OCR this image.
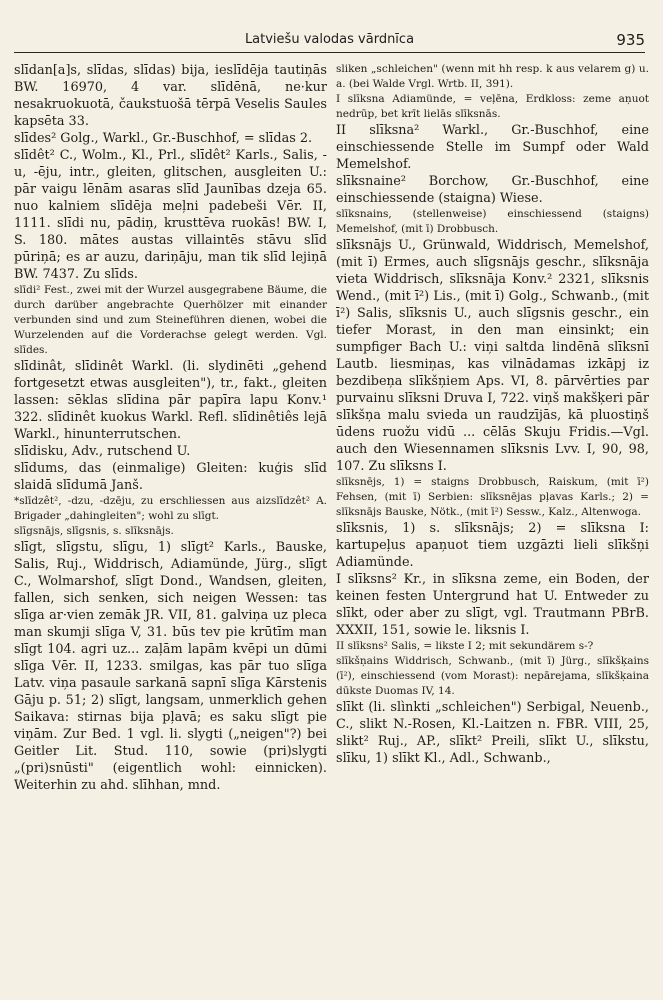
Latviešu valodas vārdnīca	935

slīdan[a]s, slīdas, slīdas) bija, ieslīdēja tautiņās BW. 16970, 4 var. slīdēnā, ne·kur nesakruokuotā, čaukstuošā tērpā Veselis Saules kapsēta 33.

slīdes² Golg., Warkl., Gr.-Buschhof, = slīdas 2.

slīdêt² C., Wolm., Kl., Prl., slīdêt² Karls., Salis, -u, -ēju, intr., gleiten, glitschen, ausgleiten U.: pār vaigu lēnām asaras slīd Jaunības dzeja 65. nuo kalniem slīdēja meļni padebeši Vēr. II, 1111. slīdi nu, pādiņ, krusttēva ruokās! BW. I, S. 180. mātes austas villaintēs stāvu slīd pūriņā; es ar auzu, dariņāju, man tik slīd lejiņā BW. 7437. Zu slīds.

slīdi² Fest., zwei mit der Wurzel ausgegrabene Bäume, die durch darüber angebrachte Querhölzer mit einander verbunden sind und zum Steineführen dienen, wobei die Wurzelenden auf die Vorderachse gelegt werden. Vgl. slīdes.

slīdinât, slīdinêt Warkl. (li. slydinēti „gehend fortgesetzt etwas ausgleiten"), tr., fakt., gleiten lassen: sēklas slīdina pār papīra lapu Konv.¹ 322. slīdinêt kuokus Warkl. Refl. slīdinêtiês lejā Warkl., hinunterrutschen.

slīdisku, Adv., rutschend U.

slīdums, das (einmalige) Gleiten: kuģis slīd slaidā slīdumā Janš.

*slīdzêt², -dzu, -dzēju, zu erschliessen aus aizslīdzêt² A. Brigader „dahingleiten"; wohl zu slīgt.

slīgsnājs, slīgsnis, s. slīksnājs.

slīgt, slīgstu, slīgu, 1) slīgt² Karls., Bauske, Salis, Ruj., Widdrisch, Adiamünde, Jürg., slīgt C., Wolmarshof, slīgt Dond., Wandsen, gleiten, fallen, sich senken, sich neigen Wessen: tas slīga ar·vien zemāk JR. VII, 81. galviņa uz pleca man skumji slīga V, 31. būs tev pie krūtīm man slīgt 104. agri uz... zaļām lapām kvēpi un dūmi slīga Vēr. II, 1233. smilgas, kas pār tuo slīga Latv. viņa pasaule sarkanā sapnī slīga Kārstenis Gāju p. 51; 2) slīgt, langsam, unmerklich gehen Saikava: stirnas bija pļavā; es saku slīgt pie viņām. Zur Bed. 1 vgl. li. slygti („neigen"?) bei Geitler Lit. Stud. 110, sowie (pri)slygti „(pri)snūsti" (eigentlich wohl: einnicken). Weiterhin zu ahd. slīhhan, mnd.

sliken „schleichen" (wenn mit hh resp. k aus velarem g) u. a. (bei Walde Vrgl. Wrtb. II, 391).

I slīksna Adiamünde, = veļēna, Erdkloss: zeme aņuot nedrūp, bet krīt lielās slīksnās.

II slīksna² Warkl., Gr.-Buschhof, eine einschiessende Stelle im Sumpf oder Wald Memelshof.

slīksnaine² Borchow, Gr.-Buschhof, eine einschiessende (staigna) Wiese.

slīksnains, (stellenweise) einschiessend (staigns) Memelshof, (mit ī) Drobbusch.

slīksnājs U., Grünwald, Widdrisch, Memelshof, (mit ī) Ermes, auch slīgsnājs geschr., slīksnāja vieta Widdrisch, slīksnāja Konv.² 2321, slīksnis Wend., (mit ī²) Lis., (mit ī) Golg., Schwanb., (mit ī²) Salis, slīksnis U., auch slīgsnis geschr., ein tiefer Morast, in den man einsinkt; ein sumpfiger Bach U.: viņi saltda lindēnā slīksnī Lautb. liesmiņas, kas vilnādamas izkāpj iz bezdibeņa slīkšņiem Aps. VI, 8. pārvērties par purvainu slīksni Druva I, 722. viņš makšķeri pār slīkšņa malu svieda un raudzījās, kā pluostiņš ūdens ruožu vidū ... cēlās Skuju Fridis.—Vgl. auch den Wiesennamen slīksnis Lvv. I, 90, 98, 107. Zu slīksns I.

slīksnējs, 1) = staigns Drobbusch, Raiskum, (mit ī²) Fehsen, (mit ī) Serbien: slīksnējas pļavas Karls.; 2) = slīksnājs Bauske, Nötk., (mit ī²) Sessw., Kalz., Altenwoga.

slīksnis, 1) s. slīksnājs; 2) = slīksna I: kartupeļus apaņuot tiem uzgāzti lieli slīkšņi Adiamünde.

I slīksns² Kr., in slīksna zeme, ein Boden, der keinen festen Untergrund hat U. Entweder zu slīkt, oder aber zu slīgt, vgl. Trautmann PBrB. XXXII, 151, sowie le. liksnis I.

II slīksns² Salis, = likste I 2; mit sekundärem s-?

slīkšņains Widdrisch, Schwanb., (mit ī) Jürg., slīkšķains (ī²), einschiessend (vom Morast): nepārejama, slīkšķaina dūkste Duomas IV, 14.

slīkt (li. slìnkti „schleichen") Serbigal, Neuenb., C., slikt N.-Rosen, Kl.-Laitzen n. FBR. VIII, 25, slikt² Ruj., AP., slīkt² Preili, slīkt U., slīkstu, slīku, 1) slīkt Kl., Adl., Schwanb.,
